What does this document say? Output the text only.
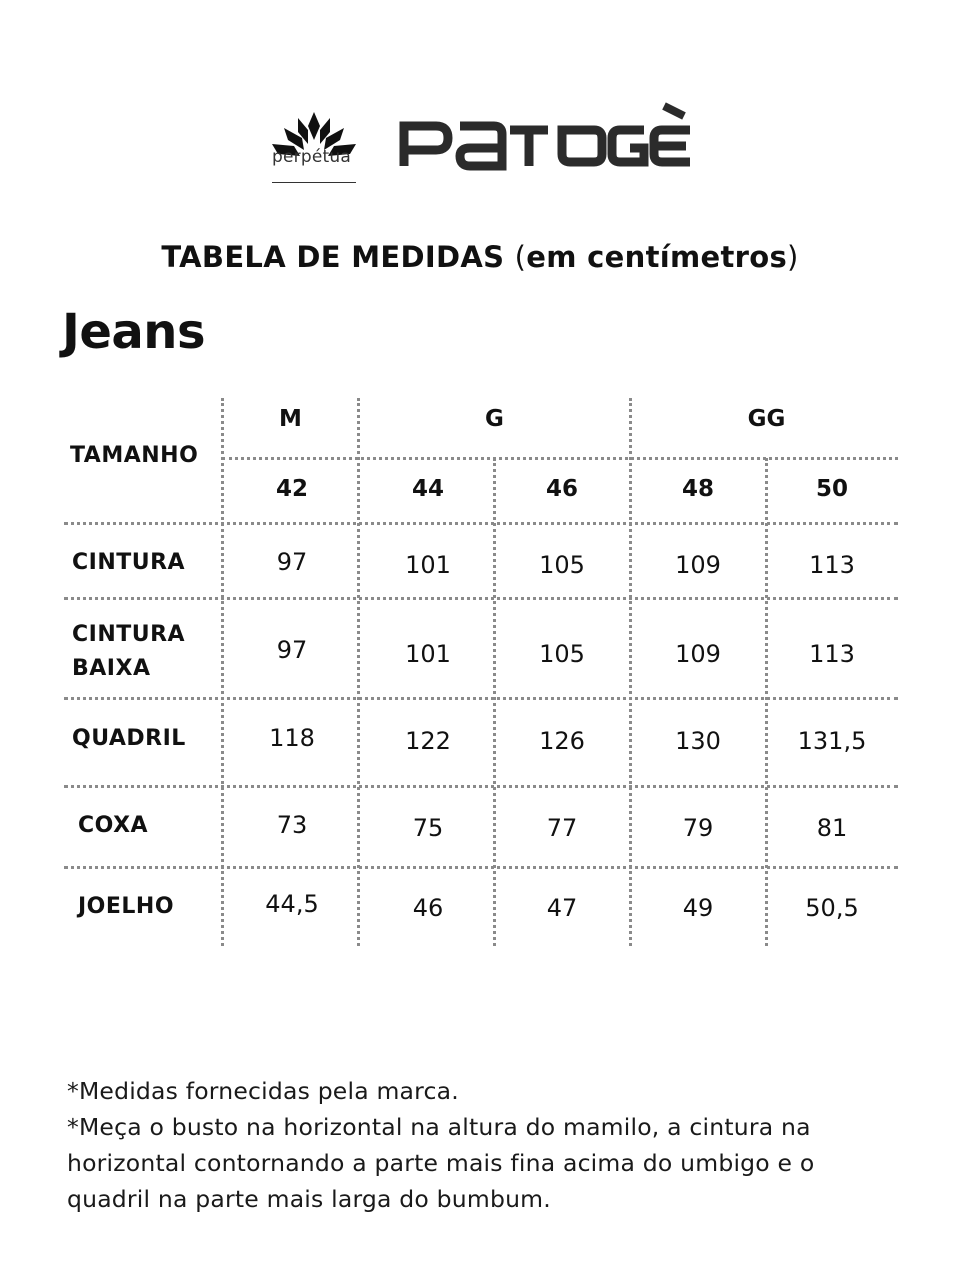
perpétua
TABELA DE MEDIDAS (em centímetros)
Jeans
TAMANHO
M	G	GG
42	44	46	48	50
CINTURA	97	101	105	109	113
CINTURA
BAIXA
97	101	105	109	113
QUADRIL	118	122	126	130	131,5
COXA	73	75	77	79	81
JOELHO	44,5	46	47	49	50,5
*Medidas fornecidas pela marca.
*Meça o busto na horizontal na altura do mamilo, a cintura na
horizontal contornando a parte mais fina acima do umbigo e o
quadril na parte mais larga do bumbum.
